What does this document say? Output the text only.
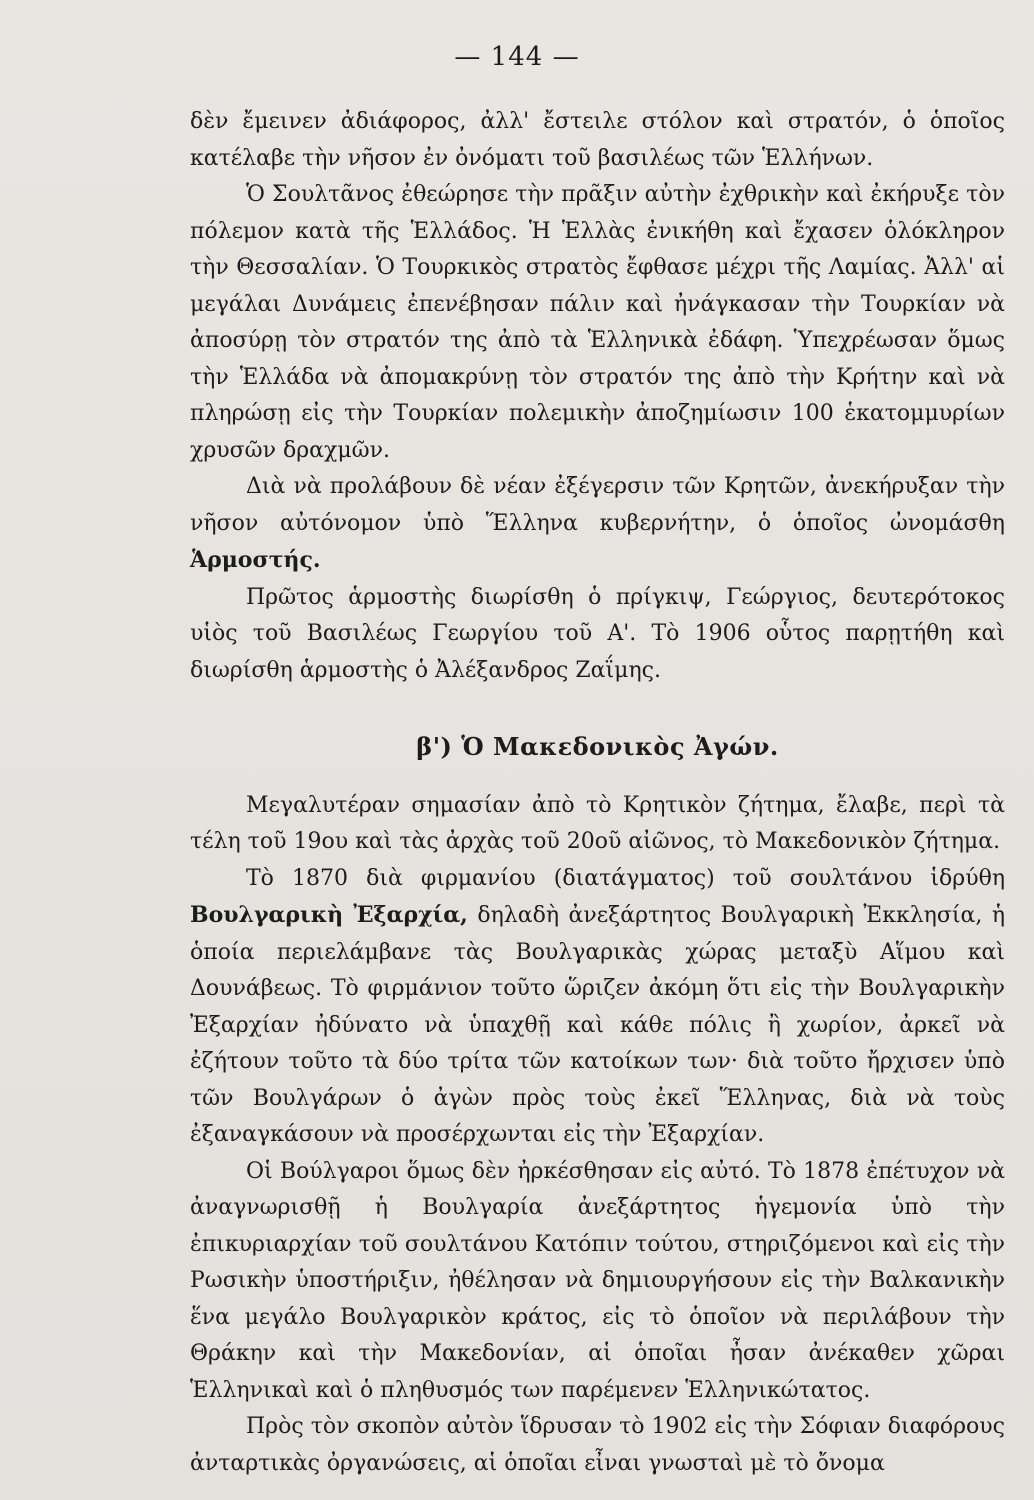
— 144 —

δὲν ἔμεινεν ἀδιάφορος, ἀλλ' ἔστειλε στόλον καὶ στρατόν, ὁ ὁποῖος κατέλαβε τὴν νῆσον ἐν ὀνόματι τοῦ βασιλέως τῶν Ἑλλήνων.

Ὁ Σουλτᾶνος ἐθεώρησε τὴν πρᾶξιν αὐτὴν ἐχθρικὴν καὶ ἐκήρυξε τὸν πόλεμον κατὰ τῆς Ἑλλάδος. Ἡ Ἑλλὰς ἐνικήθη καὶ ἔχασεν ὁλόκληρον τὴν Θεσσαλίαν. Ὁ Τουρκικὸς στρατὸς ἔφθασε μέχρι τῆς Λαμίας. Ἀλλ' αἱ μεγάλαι Δυνάμεις ἐπενέβησαν πάλιν καὶ ἠνάγκασαν τὴν Τουρκίαν νὰ ἀποσύρῃ τὸν στρατόν της ἀπὸ τὰ Ἑλληνικὰ ἐδάφη. Ὑπεχρέωσαν ὅμως τὴν Ἑλλάδα νὰ ἀπομακρύνῃ τὸν στρατόν της ἀπὸ τὴν Κρήτην καὶ νὰ πληρώσῃ εἰς τὴν Τουρκίαν πολεμικὴν ἀποζημίωσιν 100 ἑκατομμυρίων χρυσῶν δραχμῶν.

Διὰ νὰ προλάβουν δὲ νέαν ἐξέγερσιν τῶν Κρητῶν, ἀνεκήρυξαν τὴν νῆσον αὐτόνομον ὑπὸ Ἕλληνα κυβερνήτην, ὁ ὁποῖος ὠνομάσθη Ἁρμοστής.

Πρῶτος ἁρμοστὴς διωρίσθη ὁ πρίγκιψ, Γεώργιος, δευτερότοκος υἱὸς τοῦ Βασιλέως Γεωργίου τοῦ Α'. Τὸ 1906 οὗτος παρῃτήθη καὶ διωρίσθη ἁρμοστὴς ὁ Ἀλέξανδρος Ζαΐμης.

β') Ὁ Μακεδονικὸς Ἀγών.

Μεγαλυτέραν σημασίαν ἀπὸ τὸ Κρητικὸν ζήτημα, ἔλαβε, περὶ τὰ τέλη τοῦ 19ου καὶ τὰς ἀρχὰς τοῦ 20οῦ αἰῶνος, τὸ Μακεδονικὸν ζήτημα.

Τὸ 1870 διὰ φιρμανίου (διατάγματος) τοῦ σουλτάνου ἱδρύθη Βουλγαρικὴ Ἐξαρχία, δηλαδὴ ἀνεξάρτητος Βουλγαρικὴ Ἐκκλησία, ἡ ὁποία περιελάμβανε τὰς Βουλγαρικὰς χώρας μεταξὺ Αἵμου καὶ Δουνάβεως. Τὸ φιρμάνιον τοῦτο ὥριζεν ἀκόμη ὅτι εἰς τὴν Βουλγαρικὴν Ἐξαρχίαν ἠδύνατο νὰ ὑπαχθῇ καὶ κάθε πόλις ἢ χωρίον, ἀρκεῖ νὰ ἐζήτουν τοῦτο τὰ δύο τρίτα τῶν κατοίκων των· διὰ τοῦτο ἤρχισεν ὑπὸ τῶν Βουλγάρων ὁ ἀγὼν πρὸς τοὺς ἐκεῖ Ἕλληνας, διὰ νὰ τοὺς ἐξαναγκάσουν νὰ προσέρχωνται εἰς τὴν Ἐξαρχίαν.

Οἱ Βούλγαροι ὅμως δὲν ἠρκέσθησαν εἰς αὐτό. Τὸ 1878 ἐπέτυχον νὰ ἀναγνωρισθῇ ἡ Βουλγαρία ἀνεξάρτητος ἡγεμονία ὑπὸ τὴν ἐπικυριαρχίαν τοῦ σουλτάνου Κατόπιν τούτου, στηριζόμενοι καὶ εἰς τὴν Ρωσικὴν ὑποστήριξιν, ἠθέλησαν νὰ δημιουργήσουν εἰς τὴν Βαλκανικὴν ἕνα μεγάλο Βουλγαρικὸν κράτος, εἰς τὸ ὁποῖον νὰ περιλάβουν τὴν Θράκην καὶ τὴν Μακεδονίαν, αἱ ὁποῖαι ἦσαν ἀνέκαθεν χῶραι Ἑλληνικαὶ καὶ ὁ πληθυσμός των παρέμενεν Ἑλληνικώτατος.

Πρὸς τὸν σκοπὸν αὐτὸν ἵδρυσαν τὸ 1902 εἰς τὴν Σόφιαν διαφόρους ἀνταρτικὰς ὀργανώσεις, αἱ ὁποῖαι εἶναι γνωσταὶ μὲ τὸ ὄνομα
